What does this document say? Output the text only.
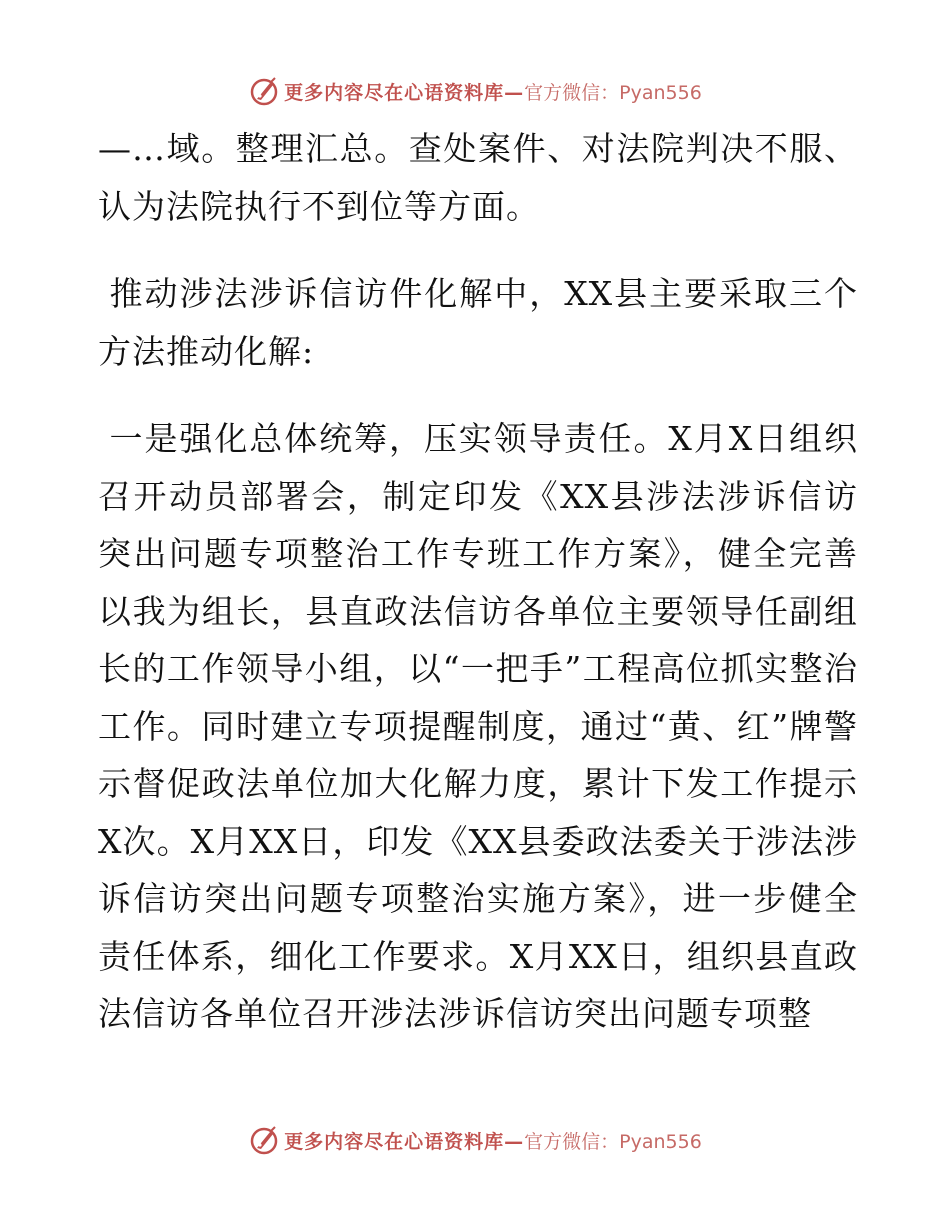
更多内容尽在心语资料库—官方微信：Pyan556

—…域。整理汇总。查处案件、对法院判决不服、认为法院执行不到位等方面。

推动涉法涉诉信访件化解中，XX县主要采取三个方法推动化解:

一是强化总体统筹，压实领导责任。X月X日组织召开动员部署会，制定印发《XX县涉法涉诉信访突出问题专项整治工作专班工作方案》，健全完善以我为组长，县直政法信访各单位主要领导任副组长的工作领导小组，以“一把手”工程高位抓实整治工作。同时建立专项提醒制度，通过“黄、红”牌警示督促政法单位加大化解力度，累计下发工作提示X次。X月XX日，印发《XX县委政法委关于涉法涉诉信访突出问题专项整治实施方案》，进一步健全责任体系，细化工作要求。X月XX日，组织县直政法信访各单位召开涉法涉诉信访突出问题专项整

更多内容尽在心语资料库—官方微信：Pyan556
